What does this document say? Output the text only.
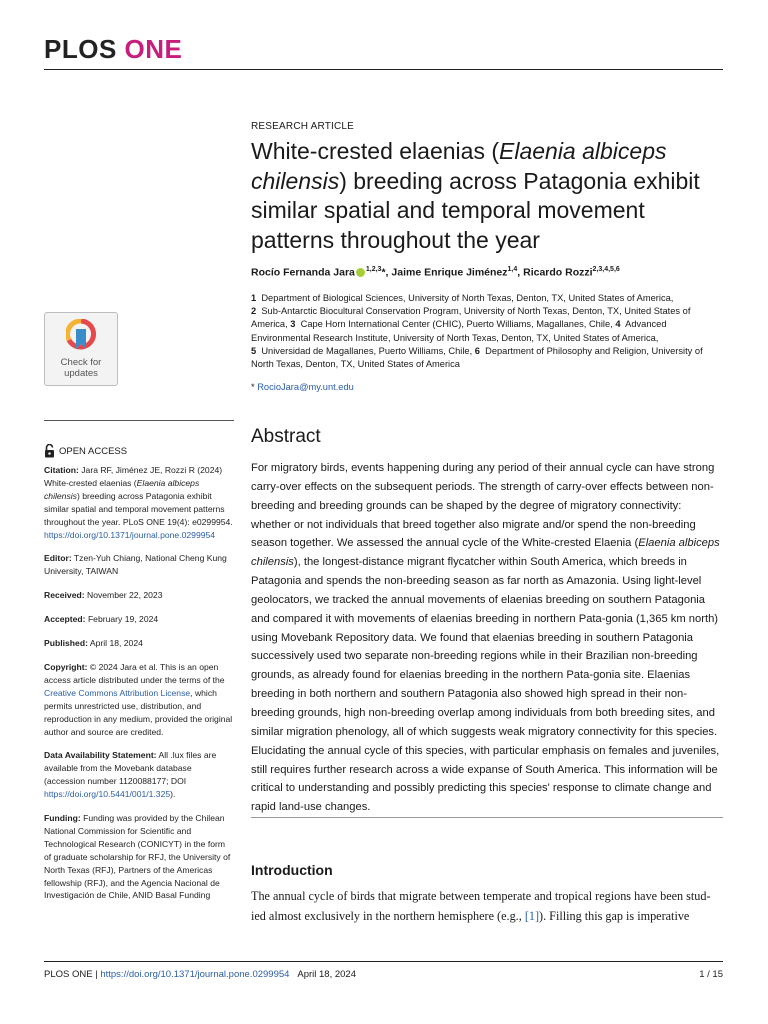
PLOS ONE
RESEARCH ARTICLE
White-crested elaenias (Elaenia albiceps chilensis) breeding across Patagonia exhibit similar spatial and temporal movement patterns throughout the year
Rocío Fernanda Jara $^{1,2,3}$*, Jaime Enrique Jiménez$^{1,4}$, Ricardo Rozzi$^{2,3,4,5,6}$
1 Department of Biological Sciences, University of North Texas, Denton, TX, United States of America,
2 Sub-Antarctic Biocultural Conservation Program, University of North Texas, Denton, TX, United States of America, 3 Cape Horn International Center (CHIC), Puerto Williams, Magallanes, Chile, 4 Advanced Environmental Research Institute, University of North Texas, Denton, TX, United States of America,
5 Universidad de Magallanes, Puerto Williams, Chile, 6 Department of Philosophy and Religion, University of North Texas, Denton, TX, United States of America
* RocioJara@my.unt.edu
Check for
updates
OPEN ACCESS

Citation: Jara RF, Jiménez JE, Rozzi R (2024) White-crested elaenias (Elaenia albiceps chilensis) breeding across Patagonia exhibit similar spatial and temporal movement patterns throughout the year. PLoS ONE 19(4): e0299954. https://doi.org/10.1371/journal.pone.0299954

Editor: Tzen-Yuh Chiang, National Cheng Kung University, TAIWAN

Received: November 22, 2023

Accepted: February 19, 2024

Published: April 18, 2024

Copyright: © 2024 Jara et al. This is an open access article distributed under the terms of the Creative Commons Attribution License, which permits unrestricted use, distribution, and reproduction in any medium, provided the original author and source are credited.

Data Availability Statement: All .lux files are available from the Movebank database (accession number 1120088177; DOI https://doi.org/10.5441/001/1.325).

Funding: Funding was provided by the Chilean National Commission for Scientific and Technological Research (CONICYT) in the form of graduate scholarship for RFJ, the University of North Texas (RFJ), Partners of the Americas fellowship (RFJ), and the Agencia Nacional de Investigación de Chile, ANID Basal Funding

Abstract

For migratory birds, events happening during any period of their annual cycle can have strong carry-over effects on the subsequent periods. The strength of carry-over effects between non-breeding and breeding grounds can be shaped by the degree of migratory connectivity: whether or not individuals that breed together also migrate and/or spend the non-breeding season together. We assessed the annual cycle of the White-crested Elaenia (Elaenia albiceps chilensis), the longest-distance migrant flycatcher within South America, which breeds in Patagonia and spends the non-breeding season as far north as Amazonia. Using light-level geolocators, we tracked the annual movements of elaenias breeding on southern Patagonia and compared it with movements of elaenias breeding in northern Pata-gonia (1,365 km north) using Movebank Repository data. We found that elaenias breeding in southern Patagonia successively used two separate non-breeding regions while in their Brazilian non-breeding grounds, as already found for elaenias breeding in the northern Pata-gonia site. Elaenias breeding in both northern and southern Patagonia also showed high spread in their non-breeding grounds, high non-breeding overlap among individuals from both breeding sites, and similar migration phenology, all of which suggests weak migratory connectivity for this species. Elucidating the annual cycle of this species, with particular emphasis on females and juveniles, still requires further research across a wide expanse of South America. This information will be critical to understanding and possibly predicting this species' response to climate change and rapid land-use changes.

Introduction

The annual cycle of birds that migrate between temperate and tropical regions have been stud-ied almost exclusively in the northern hemisphere (e.g., [1]). Filling this gap is imperative

PLOS ONE | https://doi.org/10.1371/journal.pone.0299954 April 18, 2024	1 / 15
